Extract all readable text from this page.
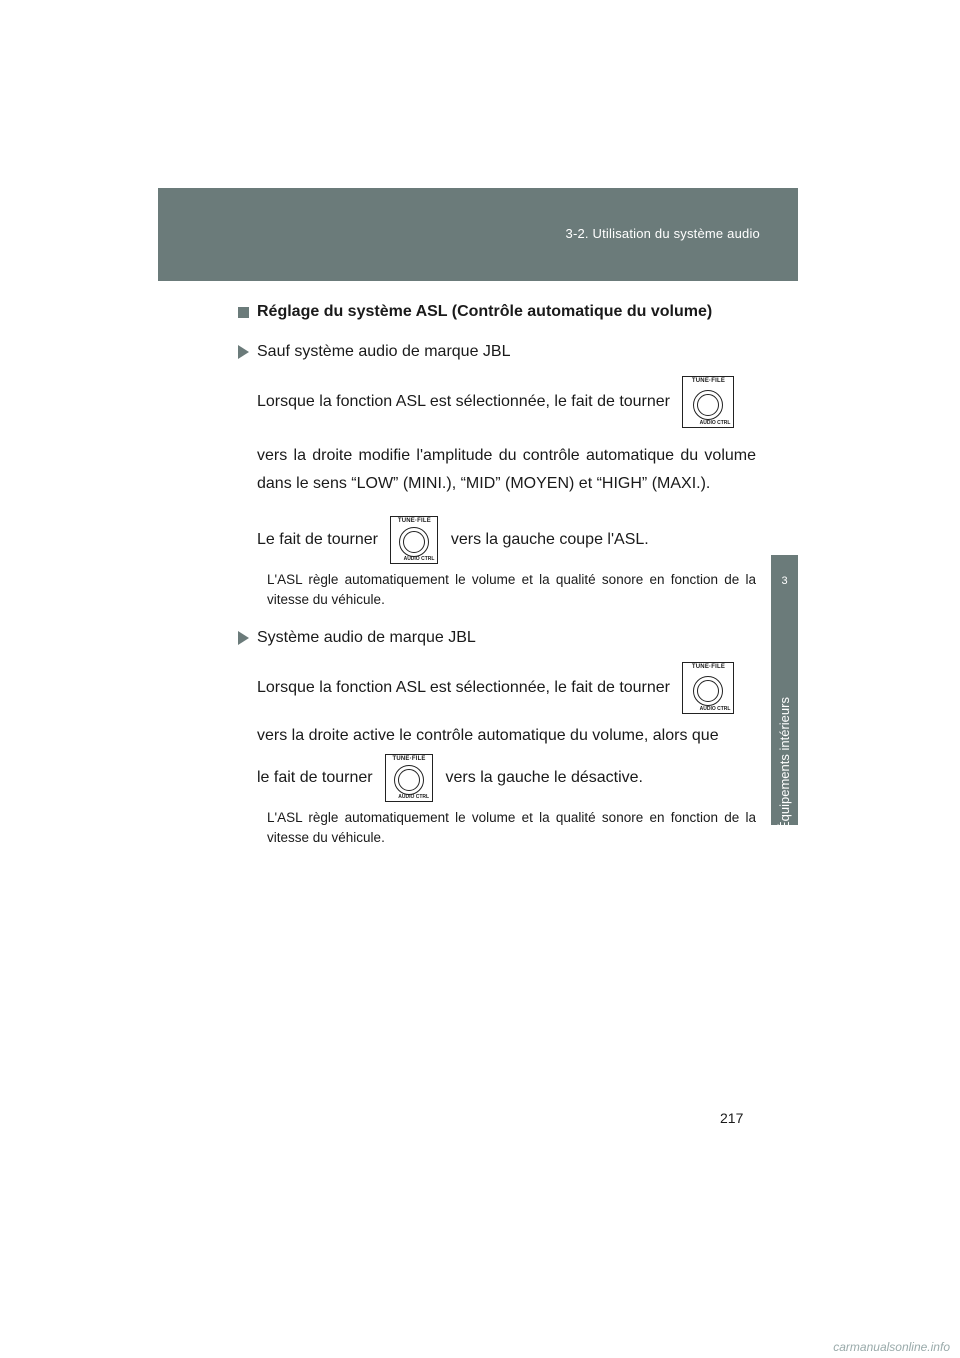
3-2. Utilisation du système audio
3
Équipements intérieurs
Réglage du système ASL (Contrôle automatique du volume)
Sauf système audio de marque JBL

Lorsque la fonction ASL est sélectionnée, le fait de tourner
TUNE·FILE
AUDIO CTRL

vers la droite modifie l'amplitude du contrôle automatique du volume dans le sens “LOW” (MINI.), “MID” (MOYEN) et “HIGH” (MAXI.).

Le fait de tourner
TUNE·FILE
AUDIO CTRL
vers la gauche coupe l'ASL.

L'ASL règle automatiquement le volume et la qualité sonore en fonction de la vitesse du véhicule.

Système audio de marque JBL

Lorsque la fonction ASL est sélectionnée, le fait de tourner
TUNE·FILE
AUDIO CTRL

vers la droite active le contrôle automatique du volume, alors que

le fait de tourner
TUNE·FILE
AUDIO CTRL
vers la gauche le désactive.

L'ASL règle automatiquement le volume et la qualité sonore en fonction de la vitesse du véhicule.

217
carmanualsonline.info
